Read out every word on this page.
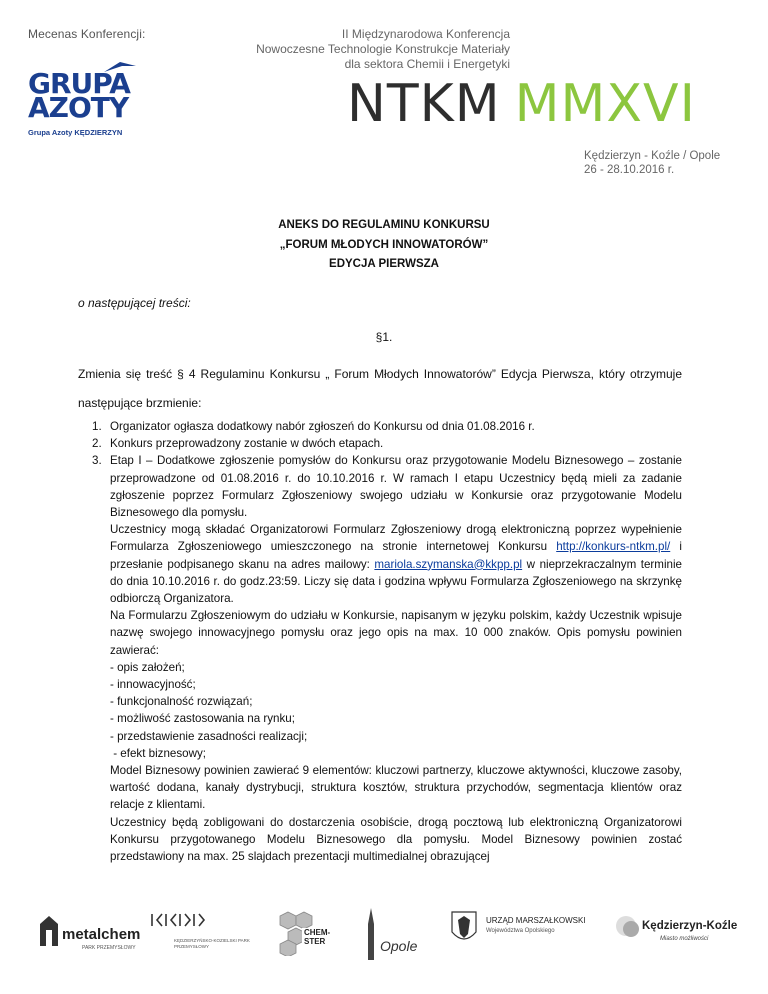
Mecenas Konferencji:
GRUPA
AZOTY
Grupa Azoty KĘDZIERZYN
II Międzynarodowa Konferencja
Nowoczesne Technologie Konstrukcje Materiały
dla sektora Chemii i Energetyki
NTKM MMXVI
Kędzierzyn - Koźle / Opole
26 - 28.10.2016 r.
ANEKS DO REGULAMINU KONKURSU
„FORUM MŁODYCH INNOWATORÓW”
EDYCJA PIERWSZA
o następującej treści:
§1.
Zmienia się treść § 4 Regulaminu Konkursu „ Forum Młodych Innowatorów” Edycja Pierwsza, który otrzymuje następujące brzmienie:
1. Organizator ogłasza dodatkowy nabór zgłoszeń do Konkursu od dnia 01.08.2016 r.
2. Konkurs przeprowadzony zostanie w dwóch etapach.
3. Etap I – Dodatkowe zgłoszenie pomysłów do Konkursu oraz przygotowanie Modelu Biznesowego – zostanie przeprowadzone od 01.08.2016 r. do 10.10.2016 r. W ramach I etapu Uczestnicy będą mieli za zadanie zgłoszenie poprzez Formularz Zgłoszeniowy swojego udziału w Konkursie oraz przygotowanie Modelu Biznesowego dla pomysłu.
Uczestnicy mogą składać Organizatorowi Formularz Zgłoszeniowy drogą elektroniczną poprzez wypełnienie Formularza Zgłoszeniowego umieszczonego na stronie internetowej Konkursu http://konkurs-ntkm.pl/ i przesłanie podpisanego skanu na adres mailowy: mariola.szymanska@kkpp.pl w nieprzekraczalnym terminie do dnia 10.10.2016 r. do godz.23:59. Liczy się data i godzina wpływu Formularza Zgłoszeniowego na skrzynkę odbiorczą Organizatora.
Na Formularzu Zgłoszeniowym do udziału w Konkursie, napisanym w języku polskim, każdy Uczestnik wpisuje nazwę swojego innowacyjnego pomysłu oraz jego opis na max. 10 000 znaków. Opis pomysłu powinien zawierać:
- opis założeń;
- innowacyjność;
- funkcjonalność rozwiązań;
- możliwość zastosowania na rynku;
- przedstawienie zasadności realizacji;
- efekt biznesowy;
Model Biznesowy powinien zawierać 9 elementów: kluczowi partnerzy, kluczowe aktywności, kluczowe zasoby, wartość dodana, kanały dystrybucji, struktura kosztów, struktura przychodów, segmentacja klientów oraz relacje z klientami.
Uczestnicy będą zobligowani do dostarczenia osobiście, drogą pocztową lub elektroniczną Organizatorowi Konkursu przygotowanego Modelu Biznesowego dla pomysłu. Model Biznesowy powinien zostać przedstawiony na max. 25 slajdach prezentacji multimedialnej obrazującej
metalchem
PARK PRZEMYSŁOWY
KĘDZIERZYŃSKO-KOZIELSKI PARK PRZEMYSŁOWY
CHEM-STER	Opole
URZĄD MARSZAŁKOWSKI
Województwa Opolskiego	Kędzierzyn-Koźle
Miasto możliwości
